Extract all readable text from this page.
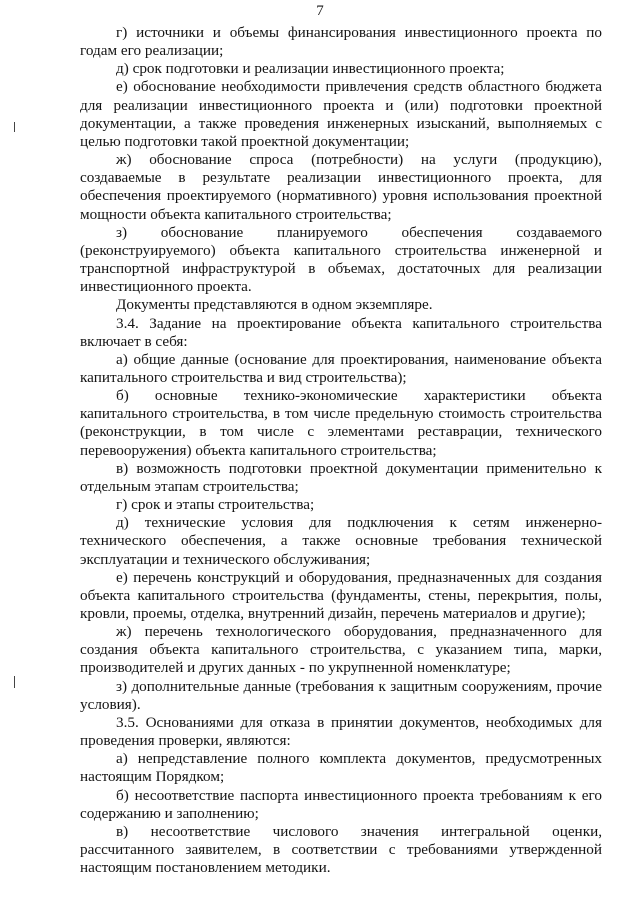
7

г) источники и объемы финансирования инвестиционного проекта по годам его реализации;

д) срок подготовки и реализации инвестиционного проекта;

е) обоснование необходимости привлечения средств областного бюджета для реализации инвестиционного проекта и (или) подготовки проектной документации, а также проведения инженерных изысканий, выполняемых с целью подготовки такой проектной документации;

ж) обоснование спроса (потребности) на услуги (продукцию), создаваемые в результате реализации инвестиционного проекта, для обеспечения проектируемого (нормативного) уровня использования проектной мощности объекта капитального строительства;

з) обоснование планируемого обеспечения создаваемого (реконструируемого) объекта капитального строительства инженерной и транспортной инфраструктурой в объемах, достаточных для реализации инвестиционного проекта.

Документы представляются в одном экземпляре.

3.4. Задание на проектирование объекта капитального строительства включает в себя:

а) общие данные (основание для проектирования, наименование объекта капитального строительства и вид строительства);

б) основные технико-экономические характеристики объекта капитального строительства, в том числе предельную стоимость строительства (реконструкции, в том числе с элементами реставрации, технического перевооружения) объекта капитального строительства;

в) возможность подготовки проектной документации применительно к отдельным этапам строительства;

г) срок и этапы строительства;

д) технические условия для подключения к сетям инженерно-технического обеспечения, а также основные требования технической эксплуатации и технического обслуживания;

е) перечень конструкций и оборудования, предназначенных для создания объекта капитального строительства (фундаменты, стены, перекрытия, полы, кровли, проемы, отделка, внутренний дизайн, перечень материалов и другие);

ж) перечень технологического оборудования, предназначенного для создания объекта капитального строительства, с указанием типа, марки, производителей и других данных - по укрупненной номенклатуре;

з) дополнительные данные (требования к защитным сооружениям, прочие условия).

3.5. Основаниями для отказа в принятии документов, необходимых для проведения проверки, являются:

а) непредставление полного комплекта документов, предусмотренных настоящим Порядком;

б) несоответствие паспорта инвестиционного проекта требованиям к его содержанию и заполнению;

в) несоответствие числового значения интегральной оценки, рассчитанного заявителем, в соответствии с требованиями утвержденной настоящим постановлением методики.
